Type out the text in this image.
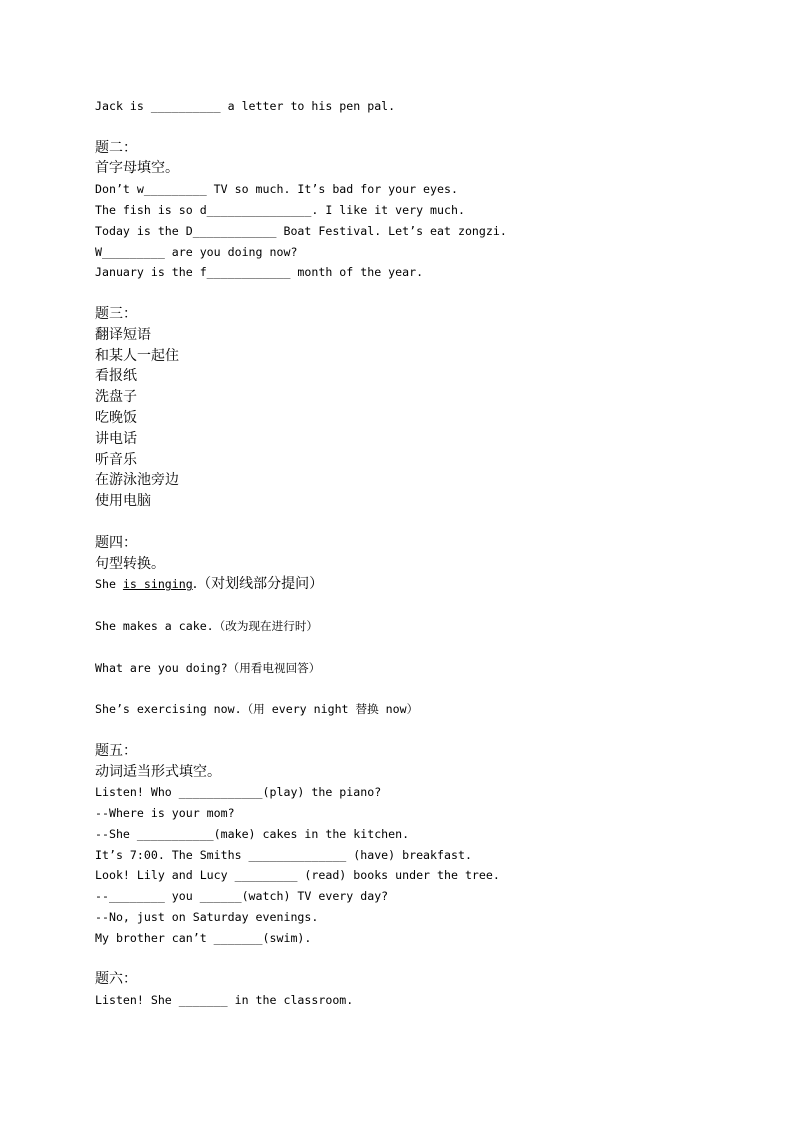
Jack is __________ a letter to his pen pal.
题二：
首字母填空。
Don’t w_________ TV so much. It’s bad for your eyes.
The fish is so d_______________. I like it very much.
Today is the D____________ Boat Festival. Let’s eat zongzi.
W_________ are you doing now?
January is the f____________ month of the year.
题三：
翻译短语
和某人一起住
看报纸
洗盘子
吃晚饭
讲电话
听音乐
在游泳池旁边
使用电脑
题四：
句型转换。
She is singing.（对划线部分提问）
She makes a cake.（改为现在进行时）
What are you doing?（用看电视回答）
She’s exercising now.（用 every night 替换 now）
题五：
动词适当形式填空。
Listen! Who ____________(play) the piano?
--Where is your mom?
--She ___________(make) cakes in the kitchen.
It’s 7:00. The Smiths ______________ (have) breakfast.
Look! Lily and Lucy _________ (read) books under the tree.
--________ you ______(watch) TV every day?
--No, just on Saturday evenings.
My brother can’t _______(swim).
题六：
Listen! She _______ in the classroom.
